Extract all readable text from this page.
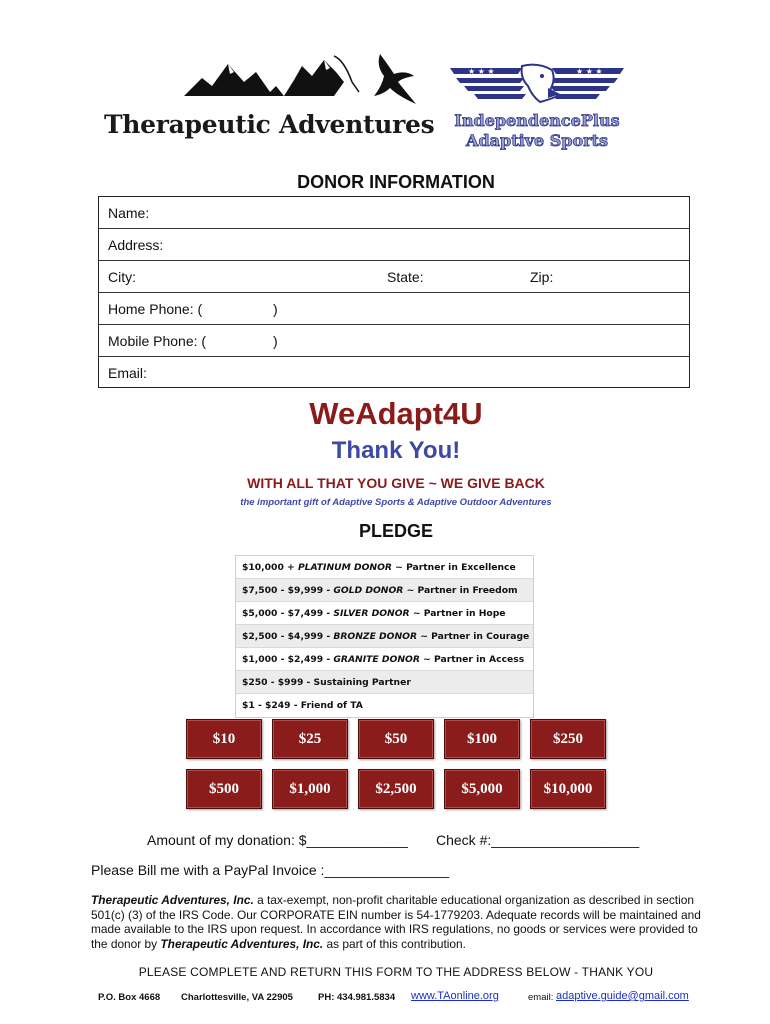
Therapeutic Adventures
★ ★ ★	★ ★ ★
IndependencePlus
Adaptive Sports
DONOR INFORMATION
Name:
Address:
City:	State:	Zip:
Home Phone: (	)
Mobile Phone: (	)
Email:
WeAdapt4U
Thank You!
WITH ALL THAT YOU GIVE ~ WE GIVE BACK
the important gift of Adaptive Sports & Adaptive Outdoor Adventures
PLEDGE
$10,000 + PLATINUM DONOR ~ Partner in Excellence
$7,500 - $9,999 - GOLD DONOR ~ Partner in Freedom
$5,000 - $7,499 - SILVER DONOR ~ Partner in Hope
$2,500 - $4,999 - BRONZE DONOR ~ Partner in Courage
$1,000 - $2,499 - GRANITE DONOR ~ Partner in Access
$250 - $999 - Sustaining Partner
$1 - $249 - Friend of TA
$10	$25	$50	$100	$250
$500	$1,000	$2,500	$5,000	$10,000
Amount of my donation: $_____________ Check #:___________________
Please Bill me with a PayPal Invoice :________________
Therapeutic Adventures, Inc. a tax-exempt, non-profit charitable educational organization as described in section 501(c) (3) of the IRS Code. Our CORPORATE EIN number is 54-1779203. Adequate records will be maintained and made available to the IRS upon request. In accordance with IRS regulations, no goods or services were provided to the donor by Therapeutic Adventures, Inc. as part of this contribution.
PLEASE COMPLETE AND RETURN THIS FORM TO THE ADDRESS BELOW - THANK YOU
P.O. Box 4668 Charlottesville, VA 22905	PH: 434.981.5834 www.TAonline.org	email: adaptive.guide@gmail.com
